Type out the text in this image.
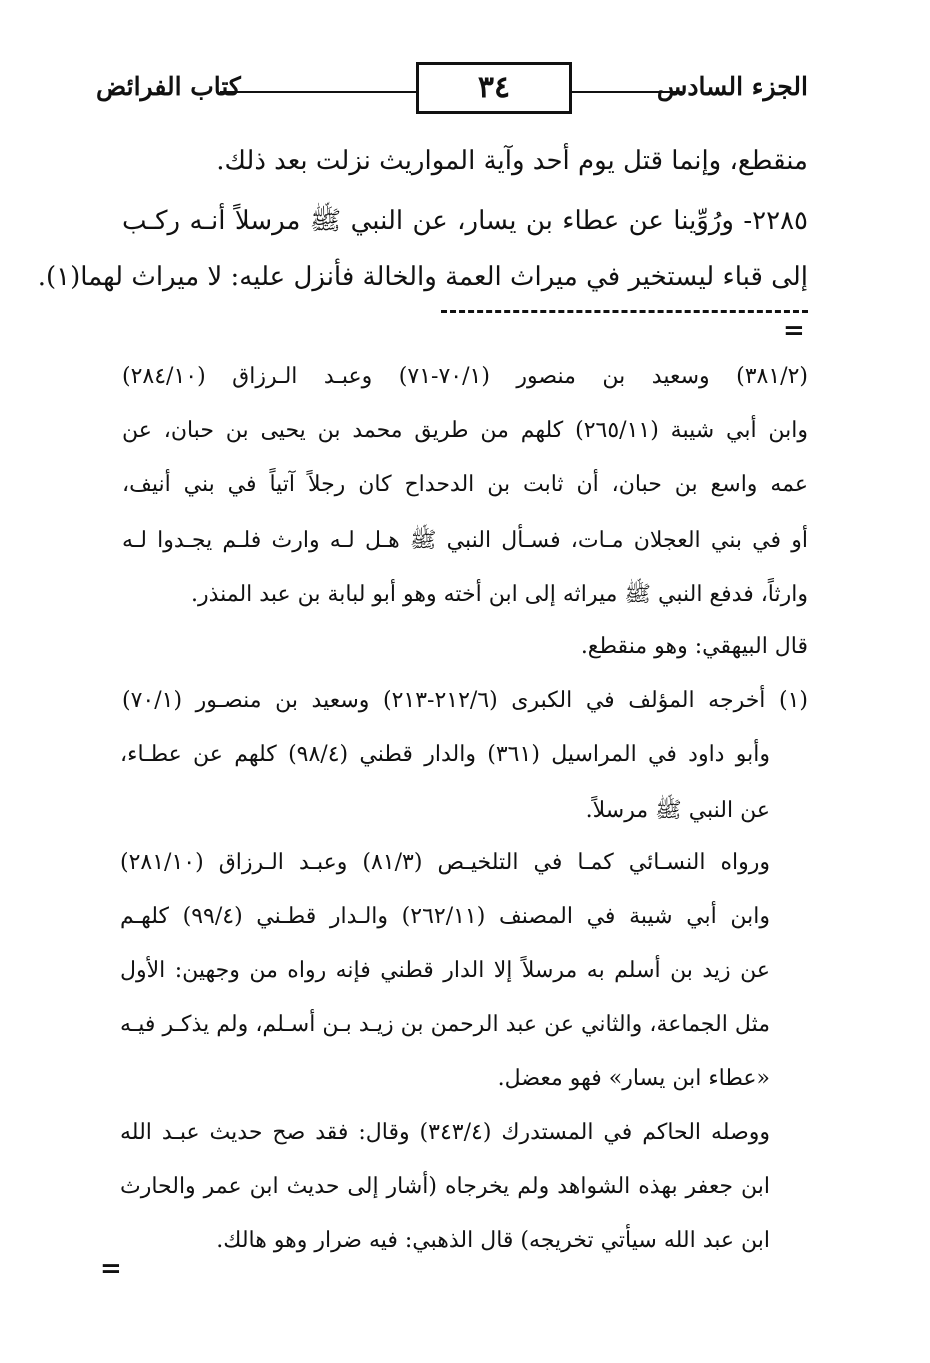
الجزء السادس
٣٤
كتاب الفرائض
منقطع، وإنما قتل يوم أحد وآية المواريث نزلت بعد ذلك.
٢٢٨٥- ورُوِّينا عن عطاء بن يسار، عن النبي ﷺ مرسلاً أنـه ركـب
إلى قباء ليستخير في ميراث العمة والخالة فأنزل عليه: لا ميراث لهما(١).
=
(٣٨١/٢) وسعيد بن منصور (٧٠/١-٧١) وعبـد الـرزاق (٢٨٤/١٠)
وابن أبي شيبة (٢٦٥/١١) كلهم من طريق محمد بن يحيى بن حبان، عن
عمه واسع بن حبان، أن ثابت بن الدحداح كان رجلاً آتياً في بني أنيف،
أو في بني العجلان مـات، فسـأل النبي ﷺ هـل لـه وارث فلـم يجـدوا لـه
وارثاً، فدفع النبي ﷺ ميراثه إلى ابن أخته وهو أبو لبابة بن عبد المنذر.
قال البيهقي: وهو منقطع.
(١) أخرجه المؤلف في الكبرى (٢١٢/٦-٢١٣) وسعيد بن منصـور (٧٠/١)
وأبو داود في المراسيل (٣٦١) والدار قطني (٩٨/٤) كلهم عن عطـاء،
عن النبي ﷺ مرسلاً.
ورواه النسـائي كمـا في التلخيـص (٨١/٣) وعبـد الـرزاق (٢٨١/١٠)
وابن أبي شيبة في المصنف (٢٦٢/١١) والـدار قطـني (٩٩/٤) كلهـم
عن زيد بن أسلم به مرسلاً إلا الدار قطني فإنه رواه من وجهين: الأول
مثل الجماعة، والثاني عن عبد الرحمن بن زيـد بـن أسـلم، ولم يذكـر فيـه
«عطاء ابن يسار» فهو معضل.
ووصله الحاكم في المستدرك (٣٤٣/٤) وقال: فقد صح حديث عبـد الله
ابن جعفر بهذه الشواهد ولم يخرجاه (أشار إلى حديث ابن عمر والحارث
ابن عبد الله سيأتي تخريجه) قال الذهبي: فيه ضرار وهو هالك.
=
